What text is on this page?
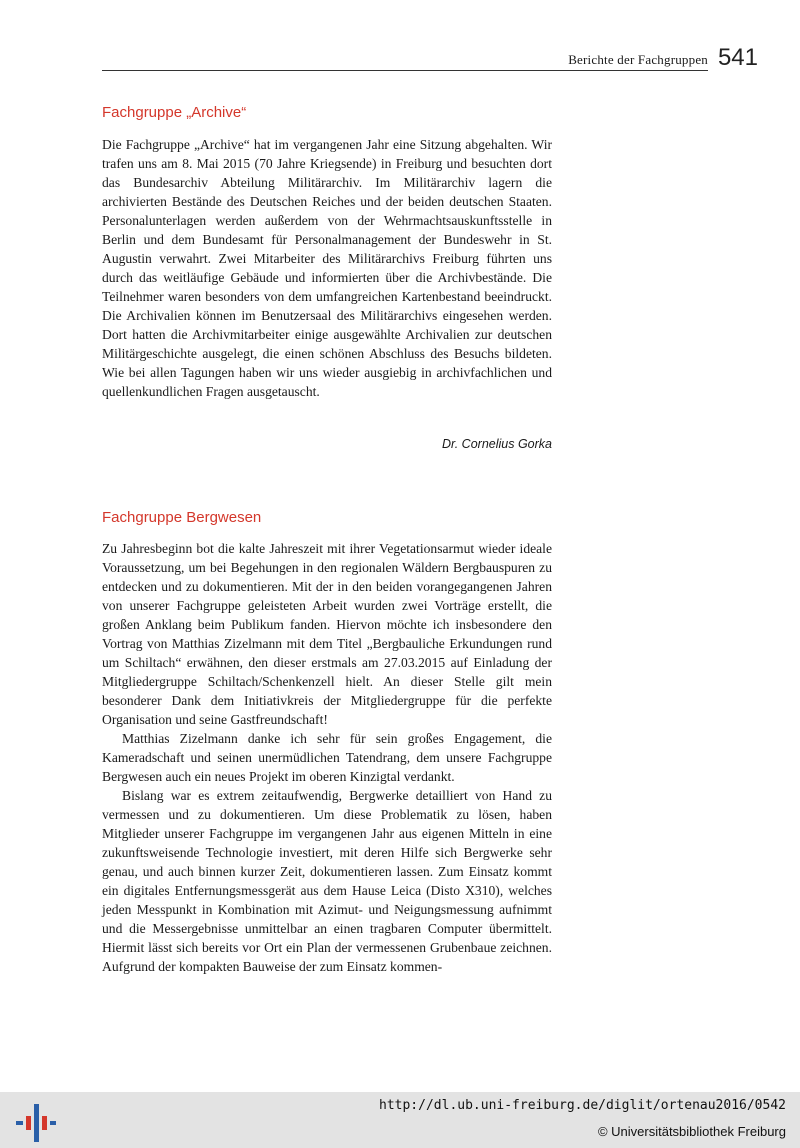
Berichte der Fachgruppen 541
Fachgruppe „Archive“

Die Fachgruppe „Archive“ hat im vergangenen Jahr eine Sitzung abgehalten. Wir trafen uns am 8. Mai 2015 (70 Jahre Kriegsende) in Freiburg und besuchten dort das Bundesarchiv Abteilung Militärarchiv. Im Militärarchiv lagern die archivierten Bestände des Deutschen Reiches und der beiden deutschen Staaten. Personalunterlagen werden außerdem von der Wehrmachtsauskunftsstelle in Berlin und dem Bundesamt für Personalmanagement der Bundeswehr in St. Augustin verwahrt. Zwei Mitarbeiter des Militärarchivs Freiburg führten uns durch das weitläufige Gebäude und informierten über die Archivbestände. Die Teilnehmer waren besonders von dem umfangreichen Kartenbestand beeindruckt. Die Archivalien können im Benutzersaal des Militärarchivs eingesehen werden. Dort hatten die Archivmitarbeiter einige ausgewählte Archivalien zur deutschen Militärgeschichte ausgelegt, die einen schönen Abschluss des Besuchs bildeten. Wie bei allen Tagungen haben wir uns wieder ausgiebig in archivfachlichen und quellenkundlichen Fragen ausgetauscht.

Dr. Cornelius Gorka
Fachgruppe Bergwesen

Zu Jahresbeginn bot die kalte Jahreszeit mit ihrer Vegetationsarmut wieder ideale Voraussetzung, um bei Begehungen in den regionalen Wäldern Bergbauspuren zu entdecken und zu dokumentieren. Mit der in den beiden vorangegangenen Jahren von unserer Fachgruppe geleisteten Arbeit wurden zwei Vorträge erstellt, die großen Anklang beim Publikum fanden. Hiervon möchte ich insbesondere den Vortrag von Matthias Zizelmann mit dem Titel „Bergbauliche Erkundungen rund um Schiltach“ erwähnen, den dieser erstmals am 27.03.2015 auf Einladung der Mitgliedergruppe Schiltach/Schenkenzell hielt. An dieser Stelle gilt mein besonderer Dank dem Initiativkreis der Mitgliedergruppe für die perfekte Organisation und seine Gastfreundschaft!

Matthias Zizelmann danke ich sehr für sein großes Engagement, die Kameradschaft und seinen unermüdlichen Tatendrang, dem unsere Fachgruppe Bergwesen auch ein neues Projekt im oberen Kinzigtal verdankt.

Bislang war es extrem zeitaufwendig, Bergwerke detailliert von Hand zu vermessen und zu dokumentieren. Um diese Problematik zu lösen, haben Mitglieder unserer Fachgruppe im vergangenen Jahr aus eigenen Mitteln in eine zukunftsweisende Technologie investiert, mit deren Hilfe sich Bergwerke sehr genau, und auch binnen kurzer Zeit, dokumentieren lassen. Zum Einsatz kommt ein digitales Entfernungsmessgerät aus dem Hause Leica (Disto X310), welches jeden Messpunkt in Kombination mit Azimut- und Neigungsmessung aufnimmt und die Messergebnisse unmittelbar an einen tragbaren Computer übermittelt. Hiermit lässt sich bereits vor Ort ein Plan der vermessenen Grubenbaue zeichnen. Aufgrund der kompakten Bauweise der zum Einsatz kommen-

http://dl.ub.uni-freiburg.de/diglit/ortenau2016/0542
© Universitätsbibliothek Freiburg
